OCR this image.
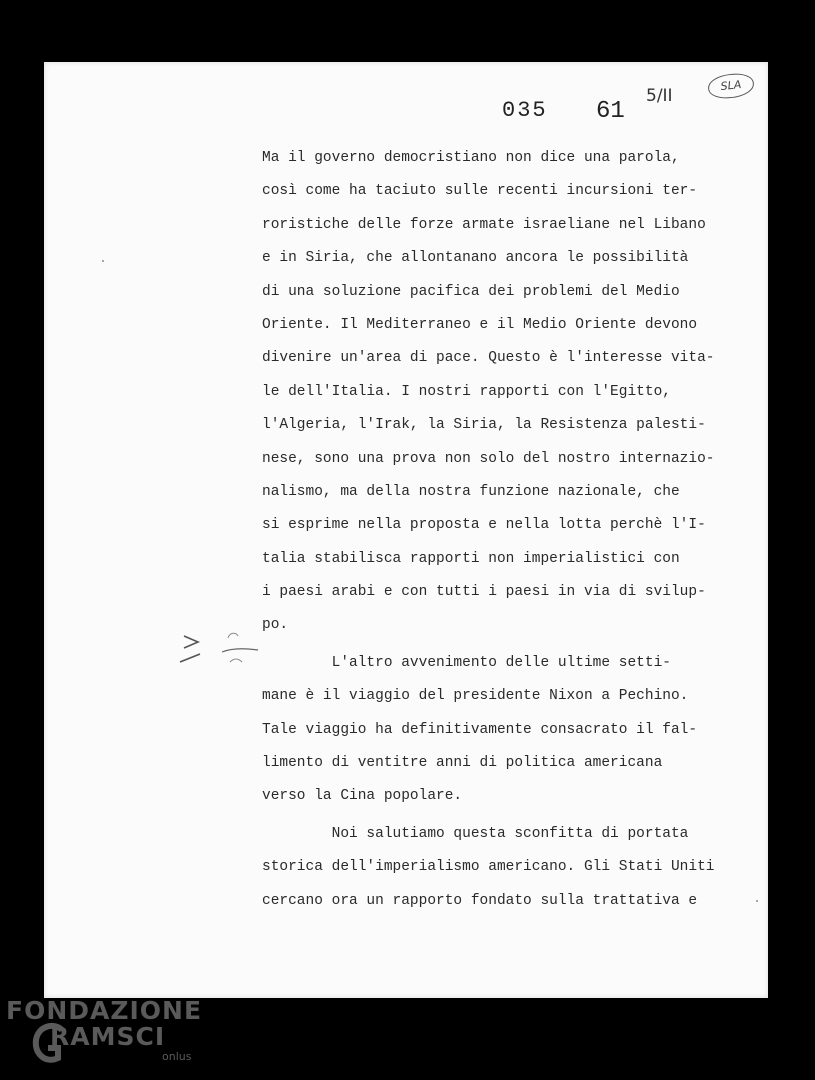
035 61
5/II
SLA
Ma il governo democristiano non dice una parola,
così come ha taciuto sulle recenti incursioni ter-
roristiche delle forze armate israeliane nel Libano
e in Siria, che allontanano ancora le possibilità
di una soluzione pacifica dei problemi del Medio
Oriente. Il Mediterraneo e il Medio Oriente devono
divenire un'area di pace. Questo è l'interesse vita-
le dell'Italia. I nostri rapporti con l'Egitto,
l'Algeria, l'Irak, la Siria, la Resistenza palesti-
nese, sono una prova non solo del nostro internazio-
nalismo, ma della nostra funzione nazionale, che
si esprime nella proposta e nella lotta perchè l'I-
talia stabilisca rapporti non imperialistici con
i paesi arabi e con tutti i paesi in via di svilup-
po.
L'altro avvenimento delle ultime setti-
mane è il viaggio del presidente Nixon a Pechino.
Tale viaggio ha definitivamente consacrato il fal-
limento di ventitre anni di politica americana
verso la Cina popolare.
Noi salutiamo questa sconfitta di portata
storica dell'imperialismo americano. Gli Stati Uniti
cercano ora un rapporto fondato sulla trattativa e
FONDAZIONE
RAMSCI
onlus
